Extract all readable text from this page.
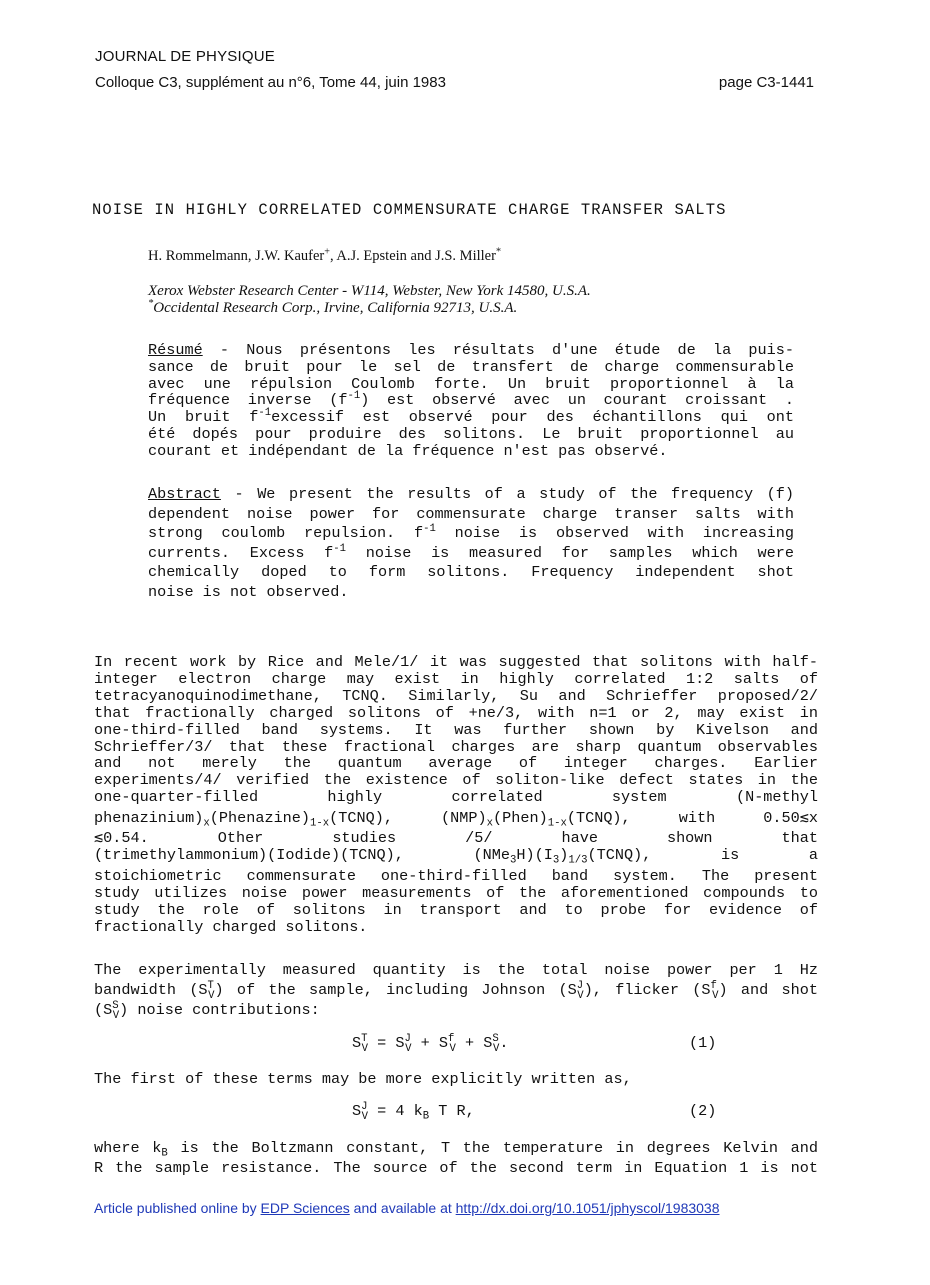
JOURNAL DE PHYSIQUE
Colloque C3, supplément au n°6, Tome 44, juin 1983	page C3-1441
NOISE IN HIGHLY CORRELATED COMMENSURATE CHARGE TRANSFER SALTS
H. Rommelmann, J.W. Kaufer+, A.J. Epstein and J.S. Miller*
Xerox Webster Research Center - W114, Webster, New York 14580, U.S.A.
*Occidental Research Corp., Irvine, California 92713, U.S.A.
Résumé - Nous présentons les résultats d'une étude de la puis-
sance de bruit pour le sel de transfert de charge commensurable
avec une répulsion Coulomb forte. Un bruit proportionnel à la
fréquence inverse $(f^{-1})$ est observé avec un courant croissant .
Un bruit $f^{-1}excessif$ est observé pour des échantillons qui ont
été dopés pour produire des solitons. Le bruit proportionnel au
courant et indépendant de la fréquence n'est pas observé.
Abstract - We present the results of a study of the frequency (f)
dependent noise power for commensurate charge transer salts with
strong coulomb repulsion. $f^{-1}$ noise is observed with increasing
currents. Excess $f^{-1}$ noise is measured for samples which were
chemically doped to form solitons. Frequency independent shot
noise is not observed.
In recent work by Rice and Mele/1/ it was suggested that solitons with half-
integer electron charge may exist in highly correlated 1:2 salts of
tetracyanoquinodimethane, TCNQ. Similarly, Su and Schrieffer proposed/2/
that fractionally charged solitons of +ne/3, with n=1 or 2, may exist in
one-third-filled band systems. It was further shown by Kivelson and
Schrieffer/3/ that these fractional charges are sharp quantum observables
and not merely the quantum average of integer charges. Earlier
experiments/4/ verified the existence of soliton-like defect states in the
one-quarter-filled highly correlated system (N-methyl
$phenazinium)_x(Phenazine)_{1-x}(TCNQ)$, $(NMP)_x(Phen)_{1-x}(TCNQ)$, with 0.50≲x
≲0.54. Other studies /5/ have shown that
(trimethylammonium)(Iodide)(TCNQ), $(NMe_3H)(I_3)_{1/3}(TCNQ)$, is a
stoichiometric commensurate one-third-filled band system. The present
study utilizes noise power measurements of the aforementioned compounds to
study the role of solitons in transport and to probe for evidence of
fractionally charged solitons.
The experimentally measured quantity is the total noise power per 1 Hz
bandwidth $(S^T_V)$ of the sample, including Johnson $(S^J_V)$, flicker $(S^f_V)$ and shot
$(S^S_V)$ noise contributions:
$S^T_V = S^J_V + S^f_V + S^S_V$.	(1)
The first of these terms may be more explicitly written as,
$S^J_V = 4$ $k_B$ T R,	(2)
where $k_B$ is the Boltzmann constant, T the temperature in degrees Kelvin and
R the sample resistance. The source of the second term in Equation 1 is not
Article published online by EDP Sciences and available at http://dx.doi.org/10.1051/jphyscol/1983038
